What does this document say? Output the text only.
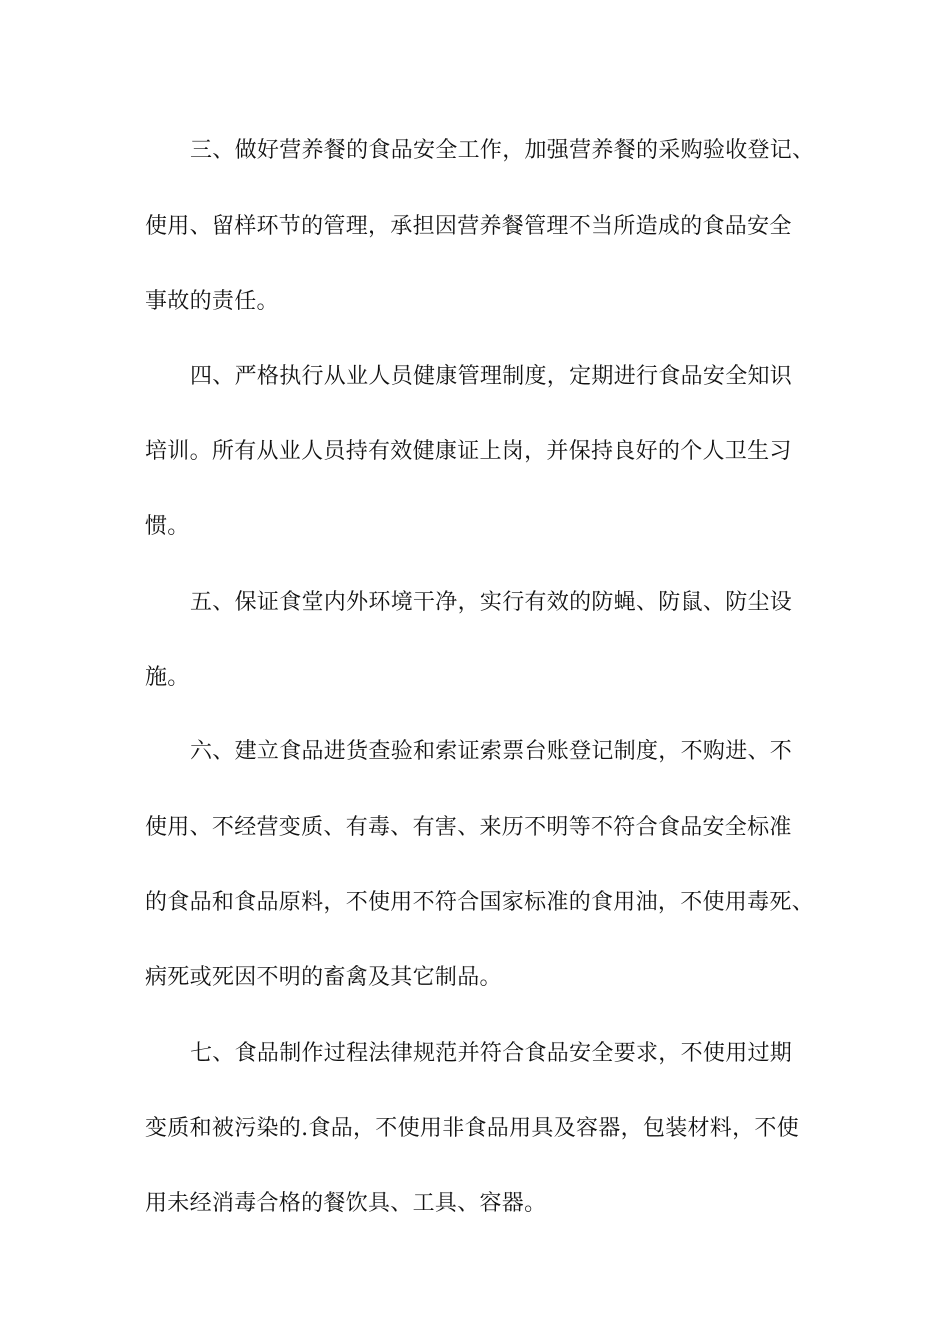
三、做好营养餐的食品安全工作，加强营养餐的采购验收登记、
使用、留样环节的管理，承担因营养餐管理不当所造成的食品安全
事故的责任。
四、严格执行从业人员健康管理制度，定期进行食品安全知识
培训。所有从业人员持有效健康证上岗，并保持良好的个人卫生习
惯。
五、保证食堂内外环境干净，实行有效的防蝇、防鼠、防尘设
施。
六、建立食品进货查验和索证索票台账登记制度，不购进、不
使用、不经营变质、有毒、有害、来历不明等不符合食品安全标准
的食品和食品原料，不使用不符合国家标准的食用油，不使用毒死、
病死或死因不明的畜禽及其它制品。
七、食品制作过程法律规范并符合食品安全要求，不使用过期
变质和被污染的.食品，不使用非食品用具及容器，包装材料，不使
用未经消毒合格的餐饮具、工具、容器。
